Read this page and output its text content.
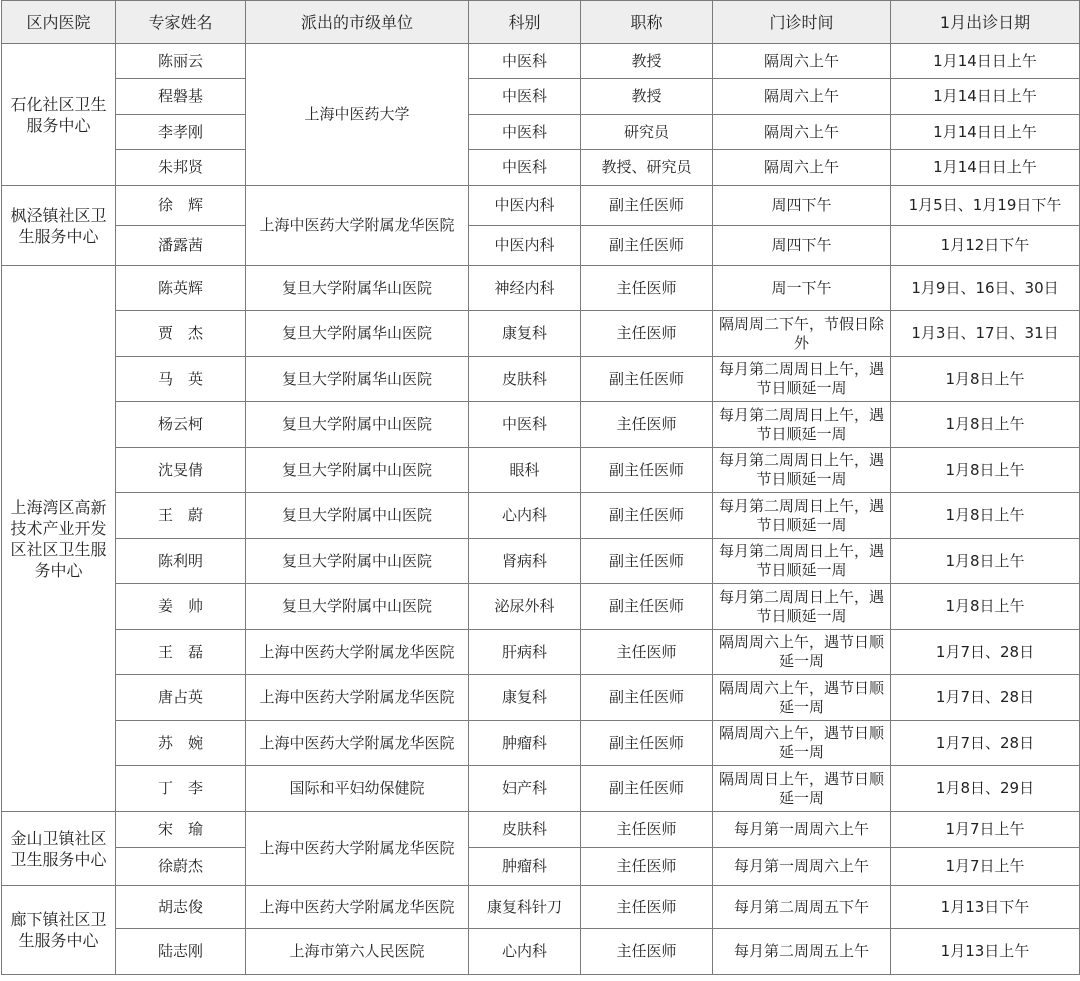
区内医院	专家姓名	派出的市级单位	科别	职称	门诊时间	1月出诊日期
石化社区卫生服务中心	陈丽云	上海中医药大学	中医科	教授	隔周六上午	1月14日日上午
	程磐基		中医科	教授	隔周六上午	1月14日日上午
	李孝刚		中医科	研究员	隔周六上午	1月14日日上午
	朱邦贤		中医科	教授、研究员	隔周六上午	1月14日日上午
枫泾镇社区卫生服务中心	徐　辉	上海中医药大学附属龙华医院	中医内科	副主任医师	周四下午	1月5日、1月19日下午
	潘露茜		中医内科	副主任医师	周四下午	1月12日下午
上海湾区高新技术产业开发区社区卫生服务中心	陈英辉	复旦大学附属华山医院	神经内科	主任医师	周一下午	1月9日、16日、30日
	贾　杰	复旦大学附属华山医院	康复科	主任医师	隔周周二下午，节假日除外	1月3日、17日、31日
	马　英	复旦大学附属华山医院	皮肤科	副主任医师	每月第二周周日上午，遇节日顺延一周	1月8日上午
	杨云柯	复旦大学附属中山医院	中医科	主任医师	每月第二周周日上午，遇节日顺延一周	1月8日上午
	沈旻倩	复旦大学附属中山医院	眼科	副主任医师	每月第二周周日上午，遇节日顺延一周	1月8日上午
	王　蔚	复旦大学附属中山医院	心内科	副主任医师	每月第二周周日上午，遇节日顺延一周	1月8日上午
	陈利明	复旦大学附属中山医院	肾病科	副主任医师	每月第二周周日上午，遇节日顺延一周	1月8日上午
	姜　帅	复旦大学附属中山医院	泌尿外科	副主任医师	每月第二周周日上午，遇节日顺延一周	1月8日上午
	王　磊	上海中医药大学附属龙华医院	肝病科	主任医师	隔周周六上午，遇节日顺延一周	1月7日、28日
	唐占英	上海中医药大学附属龙华医院	康复科	副主任医师	隔周周六上午，遇节日顺延一周	1月7日、28日
	苏　婉	上海中医药大学附属龙华医院	肿瘤科	副主任医师	隔周周六上午，遇节日顺延一周	1月7日、28日
	丁　李	国际和平妇幼保健院	妇产科	副主任医师	隔周周日上午，遇节日顺延一周	1月8日、29日
金山卫镇社区卫生服务中心	宋　瑜	上海中医药大学附属龙华医院	皮肤科	主任医师	每月第一周周六上午	1月7日上午
	徐蔚杰		肿瘤科	主任医师	每月第一周周六上午	1月7日上午
廊下镇社区卫生服务中心	胡志俊	上海中医药大学附属龙华医院	康复科针刀	主任医师	每月第二周周五下午	1月13日下午
	陆志刚	上海市第六人民医院	心内科	主任医师	每月第二周周五上午	1月13日上午
